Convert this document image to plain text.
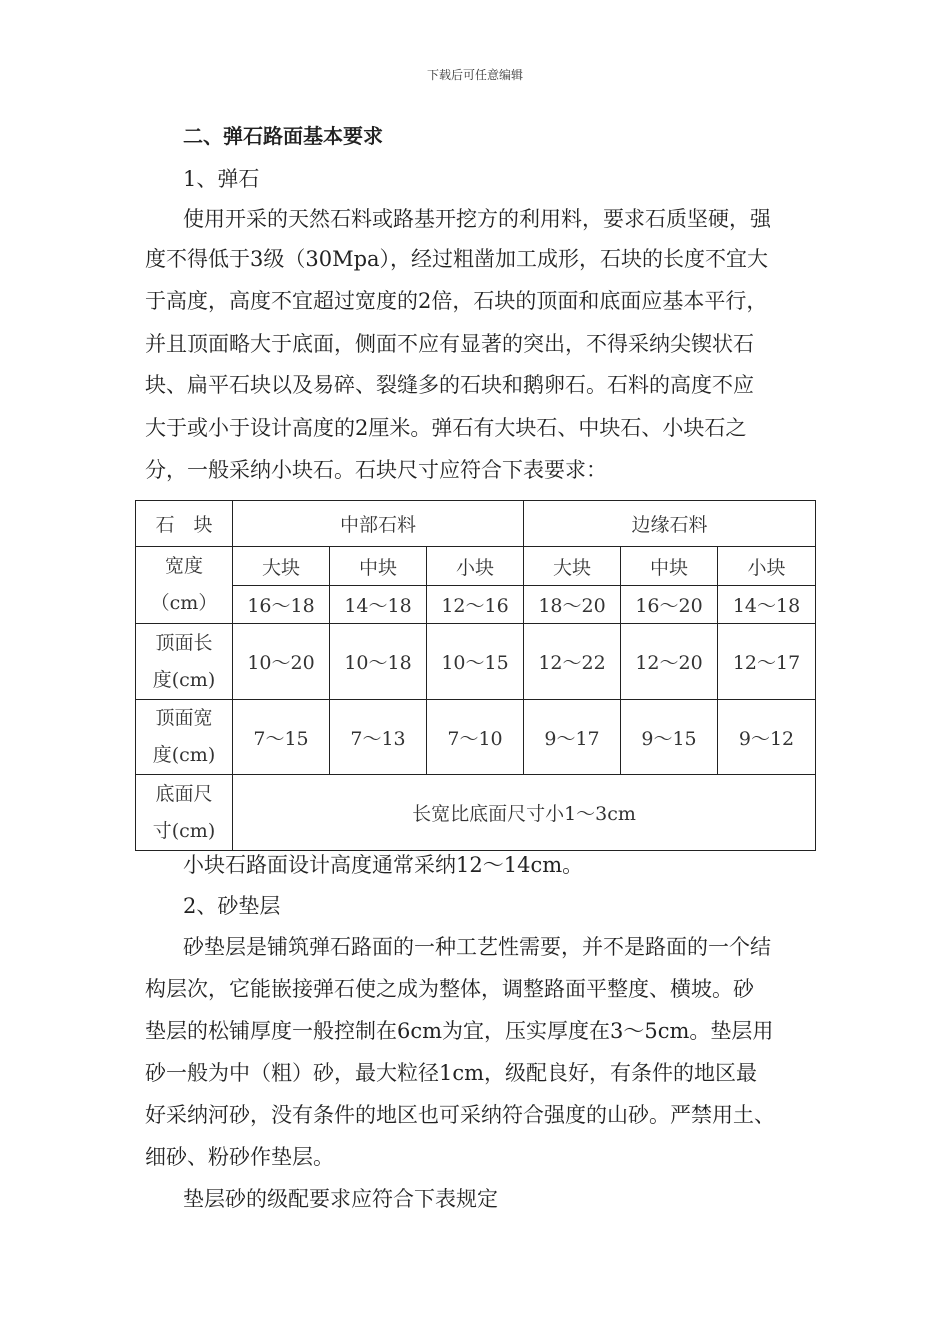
下载后可任意编辑
二、弹石路面基本要求
1、弹石
使用开采的天然石料或路基开挖方的利用料，要求石质坚硬，强
度不得低于3级（30Mpa），经过粗凿加工成形，石块的长度不宜大
于高度，高度不宜超过宽度的2倍，石块的顶面和底面应基本平行，
并且顶面略大于底面，侧面不应有显著的突出，不得采纳尖锲状石
块、扁平石块以及易碎、裂缝多的石块和鹅卵石。石料的高度不应
大于或小于设计高度的2厘米。弹石有大块石、中块石、小块石之
分，一般采纳小块石。石块尺寸应符合下表要求：
石　块	中部石料			边缘石料		

宽度
（cm）	大块	中块	小块	大块	中块	小块
	16～18	14～18	12～16	18～20	16～20	14～18

顶面长
度(cm)	10～20	10～18	10～15	12～22	12～20	12～17

顶面宽
度(cm)	7～15	7～13	7～10	9～17	9～15	9～12

底面尺
寸(cm)	长宽比底面尺寸小1～3cm					
小块石路面设计高度通常采纳12～14cm。
2、砂垫层
砂垫层是铺筑弹石路面的一种工艺性需要，并不是路面的一个结
构层次，它能嵌接弹石使之成为整体，调整路面平整度、横坡。砂
垫层的松铺厚度一般控制在6cm为宜，压实厚度在3～5cm。垫层用
砂一般为中（粗）砂，最大粒径1cm，级配良好，有条件的地区最
好采纳河砂，没有条件的地区也可采纳符合强度的山砂。严禁用土、
细砂、粉砂作垫层。
垫层砂的级配要求应符合下表规定
